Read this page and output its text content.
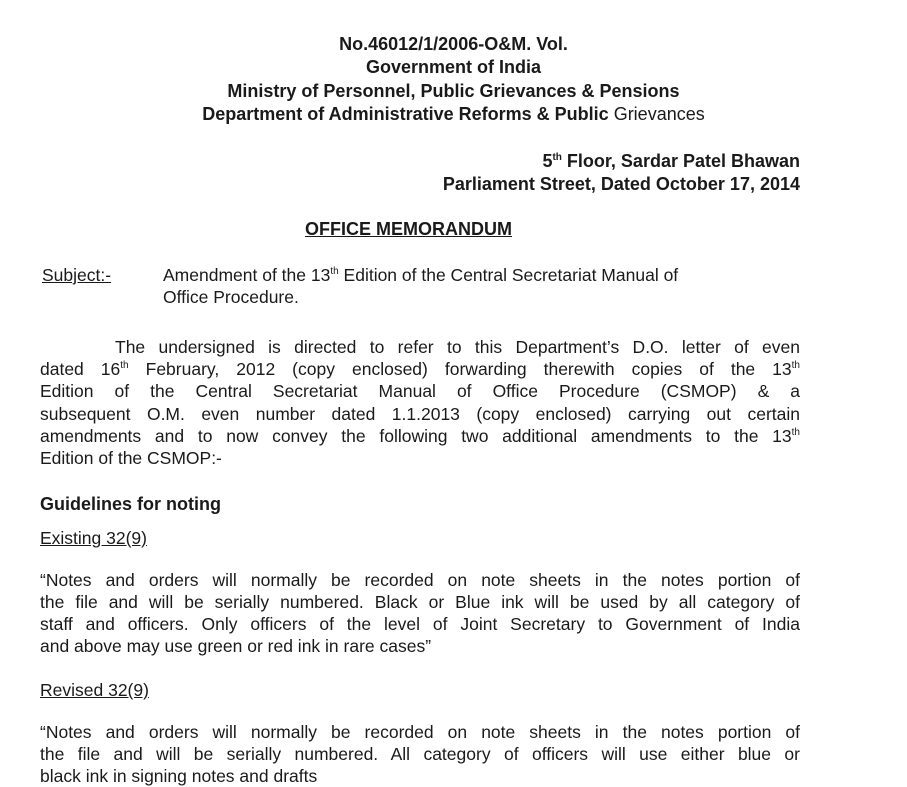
No.46012/1/2006-O&M. Vol.
Government of India
Ministry of Personnel, Public Grievances & Pensions
Department of Administrative Reforms & Public Grievances
5th Floor, Sardar Patel Bhawan
Parliament Street, Dated October 17, 2014
OFFICE MEMORANDUM
Subject:-	Amendment of the 13th Edition of the Central Secretariat Manual of
Office Procedure.
The undersigned is directed to refer to this Department’s D.O. letter of even
dated 16th February, 2012 (copy enclosed) forwarding therewith copies of the 13th
Edition of the Central Secretariat Manual of Office Procedure (CSMOP) & a
subsequent O.M. even number dated 1.1.2013 (copy enclosed) carrying out certain
amendments and to now convey the following two additional amendments to the 13th
Edition of the CSMOP:-
Guidelines for noting
Existing 32(9)
“Notes and orders will normally be recorded on note sheets in the notes portion of
the file and will be serially numbered. Black or Blue ink will be used by all category of
staff and officers. Only officers of the level of Joint Secretary to Government of India
and above may use green or red ink in rare cases”
Revised 32(9)
“Notes and orders will normally be recorded on note sheets in the notes portion of
the file and will be serially numbered. All category of officers will use either blue or
black ink in signing notes and drafts
